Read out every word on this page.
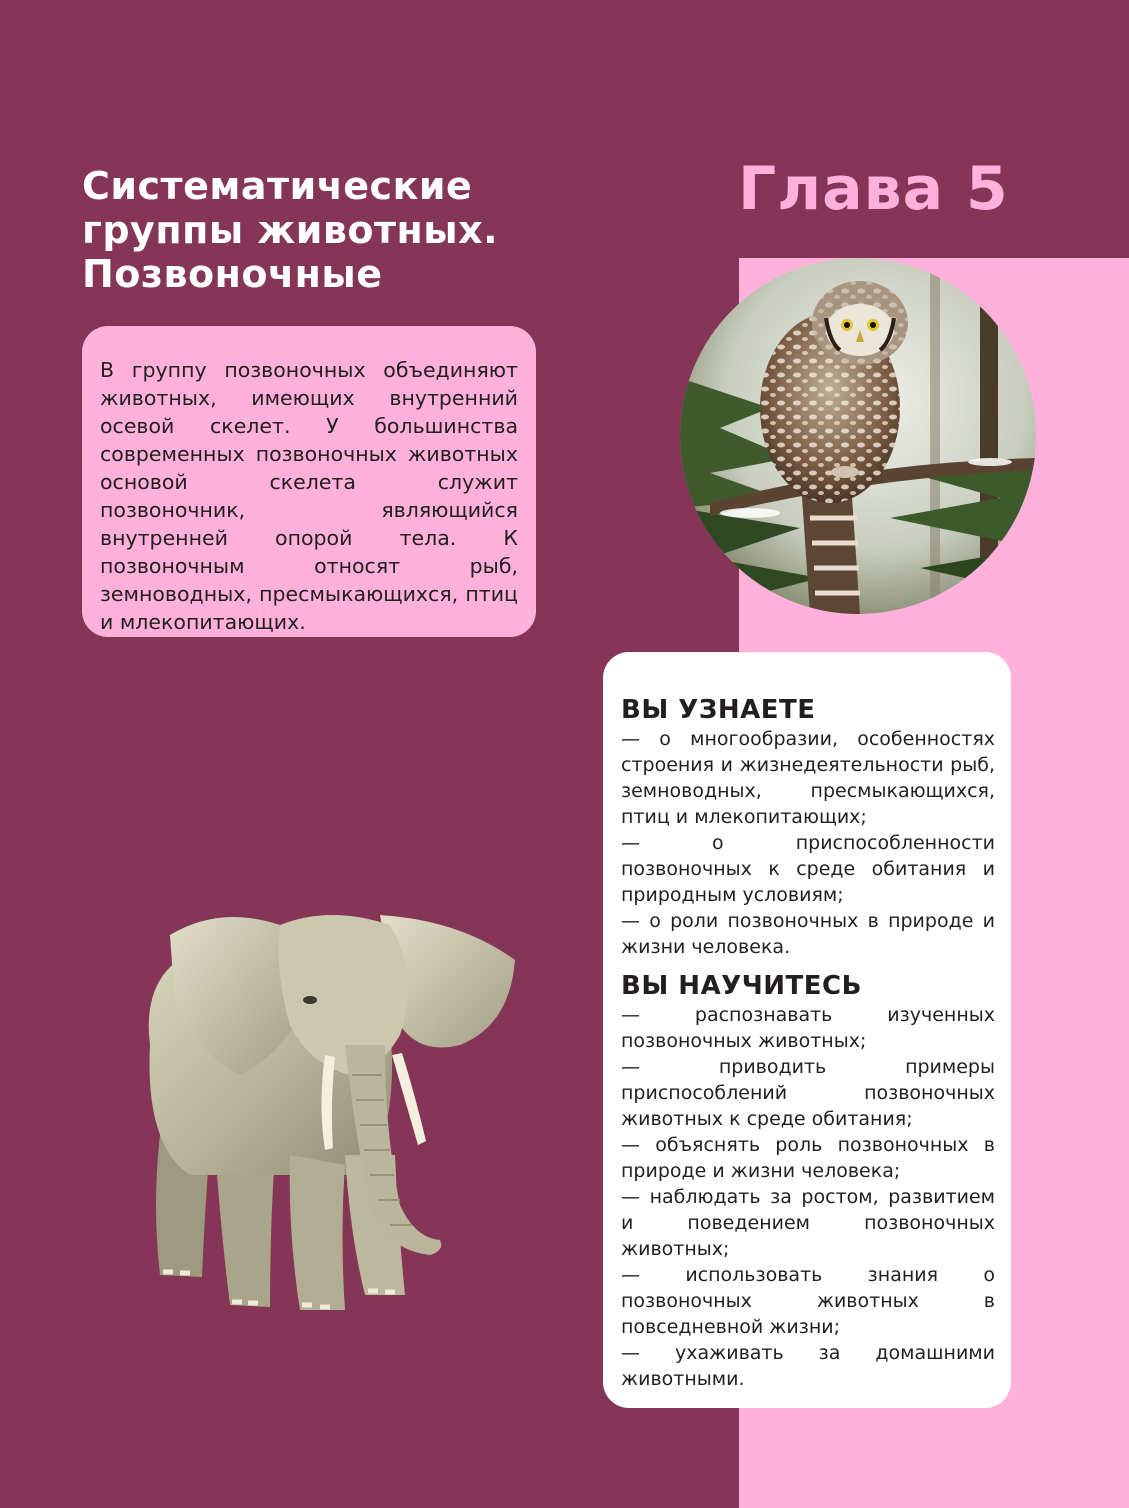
Систематические
группы животных.
Позвоночные
Глава 5

В группу позвоночных объединяют животных, имеющих внутренний осевой скелет. У большинства современных позвоночных животных основой скелета служит позвоночник, являющийся внутренней опорой тела. К позвоночным относят рыб, земноводных, пресмыкающихся, птиц и млекопитающих.

ВЫ УЗНАЕТЕ

— о многообразии, особенностях строения и жизнедеятельности рыб, земноводных, пресмыкающихся, птиц и млекопитающих;

— о приспособленности позвоночных к среде обитания и природным условиям;

— о роли позвоночных в природе и жизни человека.

ВЫ НАУЧИТЕСЬ

— распознавать изученных позвоночных животных;

— приводить примеры приспособлений позвоночных животных к среде обитания;

— объяснять роль позвоночных в природе и жизни человека;

— наблюдать за ростом, развитием и поведением позвоночных животных;

— использовать знания о позвоночных животных в повседневной жизни;

— ухаживать за домашними животными.
